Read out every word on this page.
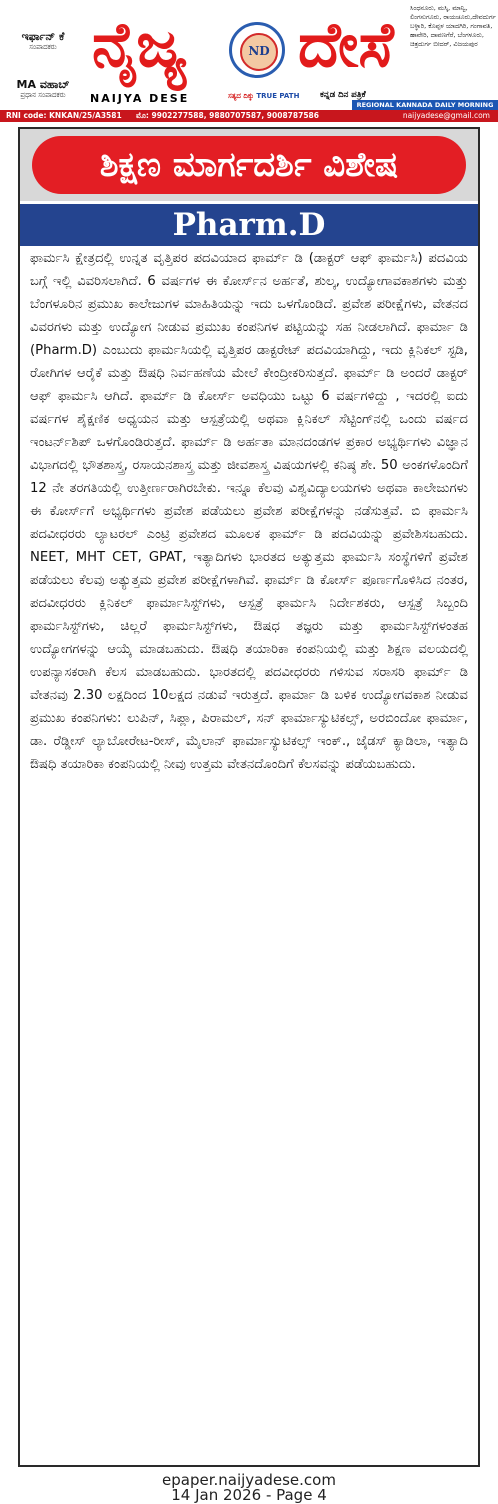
ಇರ್ಫಾನ್ ಕೆ
ಸಂಪಾದಕರು
MA ವಹಾಬ್
ಪ್ರಧಾನ ಸಂಪಾದಕರು
ನೈಜ್ಯ	ND ದೇಸೆ
NAIJYA DESE	ಸತ್ಯದ ದಿಕ್ಕು TRUE PATH ಕನ್ನಡ ದಿನ ಪತ್ರಿಕೆ
ಸಿಂಧನೂರು, ಮಸ್ಕಿ, ಮಾನ್ವಿ, ಲಿಂಗಸುಗೂರು, ರಾಯಚೂರು,ದೇವದುರ್ಗ ಬಳ್ಳಾರಿ, ಕೊಪ್ಪಳ ಯಾದಗಿರಿ, ಗಂಗಾವತಿ, ಹಾವೇರಿ, ದಾವಣಗೆರೆ, ಬೆಂಗಳೂರು, ಚಿತ್ರದುರ್ಗ ಬೀದರ್, ವಿಜಯಪುರ
REGIONAL KANNADA DAILY MORNING
RNI code: KNKAN/25/A3581 ಮೊ: 9902277588, 9880707587, 9008787586	naijyadese@gmail.com
ಶಿಕ್ಷಣ ಮಾರ್ಗದರ್ಶಿ ವಿಶೇಷ
Pharm.D

ಫಾರ್ಮಸಿ ಕ್ಷೇತ್ರದಲ್ಲಿ ಉನ್ನತ ವೃತ್ತಿಪರ ಪದವಿಯಾದ ಫಾರ್ಮ್ ಡಿ (ಡಾಕ್ಟರ್ ಆಫ್ ಫಾರ್ಮಸಿ) ಪದವಿಯ ಬಗ್ಗೆ ಇಲ್ಲಿ ವಿವರಿಸಲಾಗಿದೆ. 6 ವರ್ಷಗಳ ಈ ಕೋರ್ಸ್‌ನ ಅರ್ಹತೆ, ಶುಲ್ಕ, ಉದ್ಯೋಗಾವಕಾಶಗಳು ಮತ್ತು ಬೆಂಗಳೂರಿನ ಪ್ರಮುಖ ಕಾಲೇಜುಗಳ ಮಾಹಿತಿಯನ್ನು ಇದು ಒಳಗೊಂಡಿದೆ. ಪ್ರವೇಶ ಪರೀಕ್ಷೆಗಳು, ವೇತನದ ವಿವರಗಳು ಮತ್ತು ಉದ್ಯೋಗ ನೀಡುವ ಪ್ರಮುಖ ಕಂಪನಿಗಳ ಪಟ್ಟಿಯನ್ನು ಸಹ ನೀಡಲಾಗಿದೆ. ಫಾರ್ಮಾ ಡಿ (Pharm.D) ಎಂಬುದು ಫಾರ್ಮಸಿಯಲ್ಲಿ ವೃತ್ತಿಪರ ಡಾಕ್ಟರೇಟ್ ಪದವಿಯಾಗಿದ್ದು, ಇದು ಕ್ಲಿನಿಕಲ್ ಸ್ಟಡಿ, ರೋಗಿಗಳ ಆರೈಕೆ ಮತ್ತು ಔಷಧಿ ನಿರ್ವಹಣೆಯ ಮೇಲೆ ಕೇಂದ್ರೀಕರಿಸುತ್ತದೆ. ಫಾರ್ಮ್ ಡಿ ಅಂದರೆ ಡಾಕ್ಟರ್ ಆಫ್ ಫಾರ್ಮಸಿ ಆಗಿದೆ. ಫಾರ್ಮ್ ಡಿ ಕೋರ್ಸ್ ಅವಧಿಯು ಒಟ್ಟು 6 ವರ್ಷಗಳಿದ್ದು , ಇದರಲ್ಲಿ ಐದು ವರ್ಷಗಳ ಶೈಕ್ಷಣಿಕ ಅಧ್ಯಯನ ಮತ್ತು ಆಸ್ಪತ್ರೆಯಲ್ಲಿ ಅಥವಾ ಕ್ಲಿನಿಕಲ್ ಸೆಟ್ಟಿಂಗ್‌ನಲ್ಲಿ ಒಂದು ವರ್ಷದ ಇಂಟರ್ನ್‌ಶಿಪ್ ಒಳಗೊಂಡಿರುತ್ತದೆ. ಫಾರ್ಮ್ ಡಿ ಅರ್ಹತಾ ಮಾನದಂಡಗಳ ಪ್ರಕಾರ ಅಭ್ಯರ್ಥಿಗಳು ವಿಜ್ಞಾನ ವಿಭಾಗದಲ್ಲಿ ಭೌತಶಾಸ್ತ್ರ, ರಸಾಯನಶಾಸ್ತ್ರ ಮತ್ತು ಜೀವಶಾಸ್ತ್ರ ವಿಷಯಗಳಲ್ಲಿ ಕನಿಷ್ಠ ಶೇ. 50 ಅಂಕಗಳೊಂದಿಗೆ 12 ನೇ ತರಗತಿಯಲ್ಲಿ ಉತ್ತೀರ್ಣರಾಗಿರಬೇಕು. ಇನ್ನೂ ಕೆಲವು ವಿಶ್ವವಿದ್ಯಾಲಯಗಳು ಅಥವಾ ಕಾಲೇಜುಗಳು ಈ ಕೋರ್ಸ್‌ಗೆ ಅಭ್ಯರ್ಥಿಗಳು ಪ್ರವೇಶ ಪಡೆಯಲು ಪ್ರವೇಶ ಪರೀಕ್ಷೆಗಳನ್ನು ನಡೆಸುತ್ತವೆ. ಬಿ ಫಾರ್ಮಸಿ ಪದವೀಧರರು ಲ್ಯಾಟರಲ್ ಎಂಟ್ರಿ ಪ್ರವೇಶದ ಮೂಲಕ ಫಾರ್ಮ್ ಡಿ ಪದವಿಯನ್ನು ಪ್ರವೇಶಿಸಬಹುದು. NEET, MHT CET, GPAT, ಇತ್ಯಾದಿಗಳು ಭಾರತದ ಅತ್ಯುತ್ತಮ ಫಾರ್ಮಸಿ ಸಂಸ್ಥೆಗಳಿಗೆ ಪ್ರವೇಶ ಪಡೆಯಲು ಕೆಲವು ಅತ್ಯುತ್ತಮ ಪ್ರವೇಶ ಪರೀಕ್ಷೆಗಳಾಗಿವೆ. ಫಾರ್ಮ್ ಡಿ ಕೋರ್ಸ್ ಪೂರ್ಣಗೊಳಿಸಿದ ನಂತರ, ಪದವೀಧರರು ಕ್ಲಿನಿಕಲ್ ಫಾರ್ಮಾಸಿಸ್ಟ್‌ಗಳು, ಆಸ್ಪತ್ರೆ ಫಾರ್ಮಸಿ ನಿರ್ದೇಶಕರು, ಆಸ್ಪತ್ರೆ ಸಿಬ್ಬಂದಿ ಫಾರ್ಮಸಿಸ್ಟ್‌ಗಳು, ಚಿಲ್ಲರೆ ಫಾರ್ಮಸಿಸ್ಟ್‌ಗಳು, ಔಷಧ ತಜ್ಞರು ಮತ್ತು ಫಾರ್ಮಸಿಸ್ಟ್‌ಗಳಂತಹ ಉದ್ಯೋಗಗಳನ್ನು ಆಯ್ಕೆ ಮಾಡಬಹುದು. ಔಷಧಿ ತಯಾರಿಕಾ ಕಂಪನಿಯಲ್ಲಿ ಮತ್ತು ಶಿಕ್ಷಣ ವಲಯದಲ್ಲಿ ಉಪನ್ಯಾಸಕರಾಗಿ ಕೆಲಸ ಮಾಡಬಹುದು. ಭಾರತದಲ್ಲಿ ಪದವೀಧರರು ಗಳಿಸುವ ಸರಾಸರಿ ಫಾರ್ಮ್ ಡಿ ವೇತನವು 2.30 ಲಕ್ಷದಿಂದ 10ಲಕ್ಷದ ನಡುವೆ ಇರುತ್ತದೆ. ಫಾರ್ಮಾ ಡಿ ಬಳಿಕ ಉದ್ಯೋಗವಕಾಶ ನೀಡುವ ಪ್ರಮುಖ ಕಂಪನಿಗಳು: ಲುಪಿನ್, ಸಿಪ್ಲಾ, ಪಿರಾಮಲ್, ಸನ್ ಫಾರ್ಮಾಸ್ಯುಟಿಕಲ್ಸ್, ಅರಬಿಂದೋ ಫಾರ್ಮಾ, ಡಾ. ರೆಡ್ಡೀಸ್ ಲ್ಯಾಬೋರೇಟ-ರೀಸ್, ಮೈಲಾನ್ ಫಾರ್ಮಾಸ್ಯುಟಿಕಲ್ಸ್ ಇಂಕ್., ಜೈಡಸ್ ಕ್ಯಾಡಿಲಾ, ಇತ್ಯಾದಿ ಔಷಧಿ ತಯಾರಿಕಾ ಕಂಪನಿಯಲ್ಲಿ ನೀವು ಉತ್ತಮ ವೇತನದೊಂದಿಗೆ ಕೆಲಸವನ್ನು ಪಡೆಯಬಹುದು.

epaper.naijyadese.com
14 Jan 2026 - Page 4
